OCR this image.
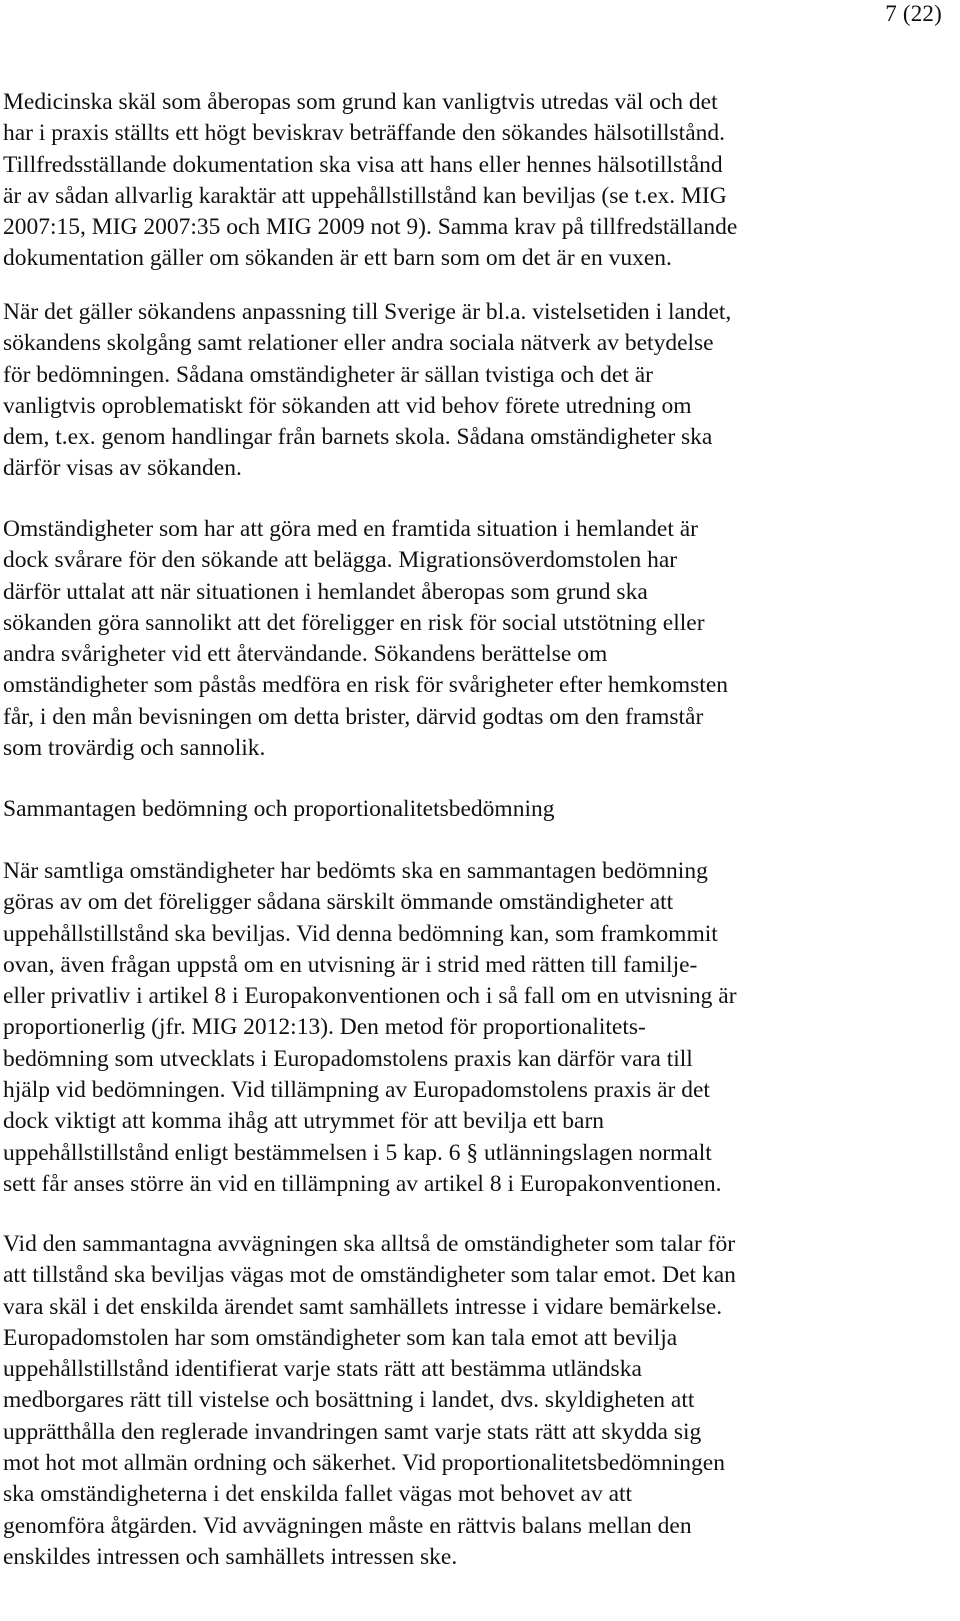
7 (22)
Medicinska skäl som åberopas som grund kan vanligtvis utredas väl och det
har i praxis ställts ett högt beviskrav beträffande den sökandes hälsotillstånd.
Tillfredsställande dokumentation ska visa att hans eller hennes hälsotillstånd
är av sådan allvarlig karaktär att uppehållstillstånd kan beviljas (se t.ex. MIG
2007:15, MIG 2007:35 och MIG 2009 not 9). Samma krav på tillfredställande
dokumentation gäller om sökanden är ett barn som om det är en vuxen.
När det gäller sökandens anpassning till Sverige är bl.a. vistelsetiden i landet,
sökandens skolgång samt relationer eller andra sociala nätverk av betydelse
för bedömningen. Sådana omständigheter är sällan tvistiga och det är
vanligtvis oproblematiskt för sökanden att vid behov förete utredning om
dem, t.ex. genom handlingar från barnets skola. Sådana omständigheter ska
därför visas av sökanden.
Omständigheter som har att göra med en framtida situation i hemlandet är
dock svårare för den sökande att belägga. Migrationsöverdomstolen har
därför uttalat att när situationen i hemlandet åberopas som grund ska
sökanden göra sannolikt att det föreligger en risk för social utstötning eller
andra svårigheter vid ett återvändande. Sökandens berättelse om
omständigheter som påstås medföra en risk för svårigheter efter hemkomsten
får, i den mån bevisningen om detta brister, därvid godtas om den framstår
som trovärdig och sannolik.
Sammantagen bedömning och proportionalitetsbedömning
När samtliga omständigheter har bedömts ska en sammantagen bedömning
göras av om det föreligger sådana särskilt ömmande omständigheter att
uppehållstillstånd ska beviljas. Vid denna bedömning kan, som framkommit
ovan, även frågan uppstå om en utvisning är i strid med rätten till familje-
eller privatliv i artikel 8 i Europakonventionen och i så fall om en utvisning är
proportionerlig (jfr. MIG 2012:13). Den metod för proportionalitets-
bedömning som utvecklats i Europadomstolens praxis kan därför vara till
hjälp vid bedömningen. Vid tillämpning av Europadomstolens praxis är det
dock viktigt att komma ihåg att utrymmet för att bevilja ett barn
uppehållstillstånd enligt bestämmelsen i 5 kap. 6 § utlänningslagen normalt
sett får anses större än vid en tillämpning av artikel 8 i Europakonventionen.
Vid den sammantagna avvägningen ska alltså de omständigheter som talar för
att tillstånd ska beviljas vägas mot de omständigheter som talar emot. Det kan
vara skäl i det enskilda ärendet samt samhällets intresse i vidare bemärkelse.
Europadomstolen har som omständigheter som kan tala emot att bevilja
uppehållstillstånd identifierat varje stats rätt att bestämma utländska
medborgares rätt till vistelse och bosättning i landet, dvs. skyldigheten att
upprätthålla den reglerade invandringen samt varje stats rätt att skydda sig
mot hot mot allmän ordning och säkerhet. Vid proportionalitetsbedömningen
ska omständigheterna i det enskilda fallet vägas mot behovet av att
genomföra åtgärden. Vid avvägningen måste en rättvis balans mellan den
enskildes intressen och samhällets intressen ske.
